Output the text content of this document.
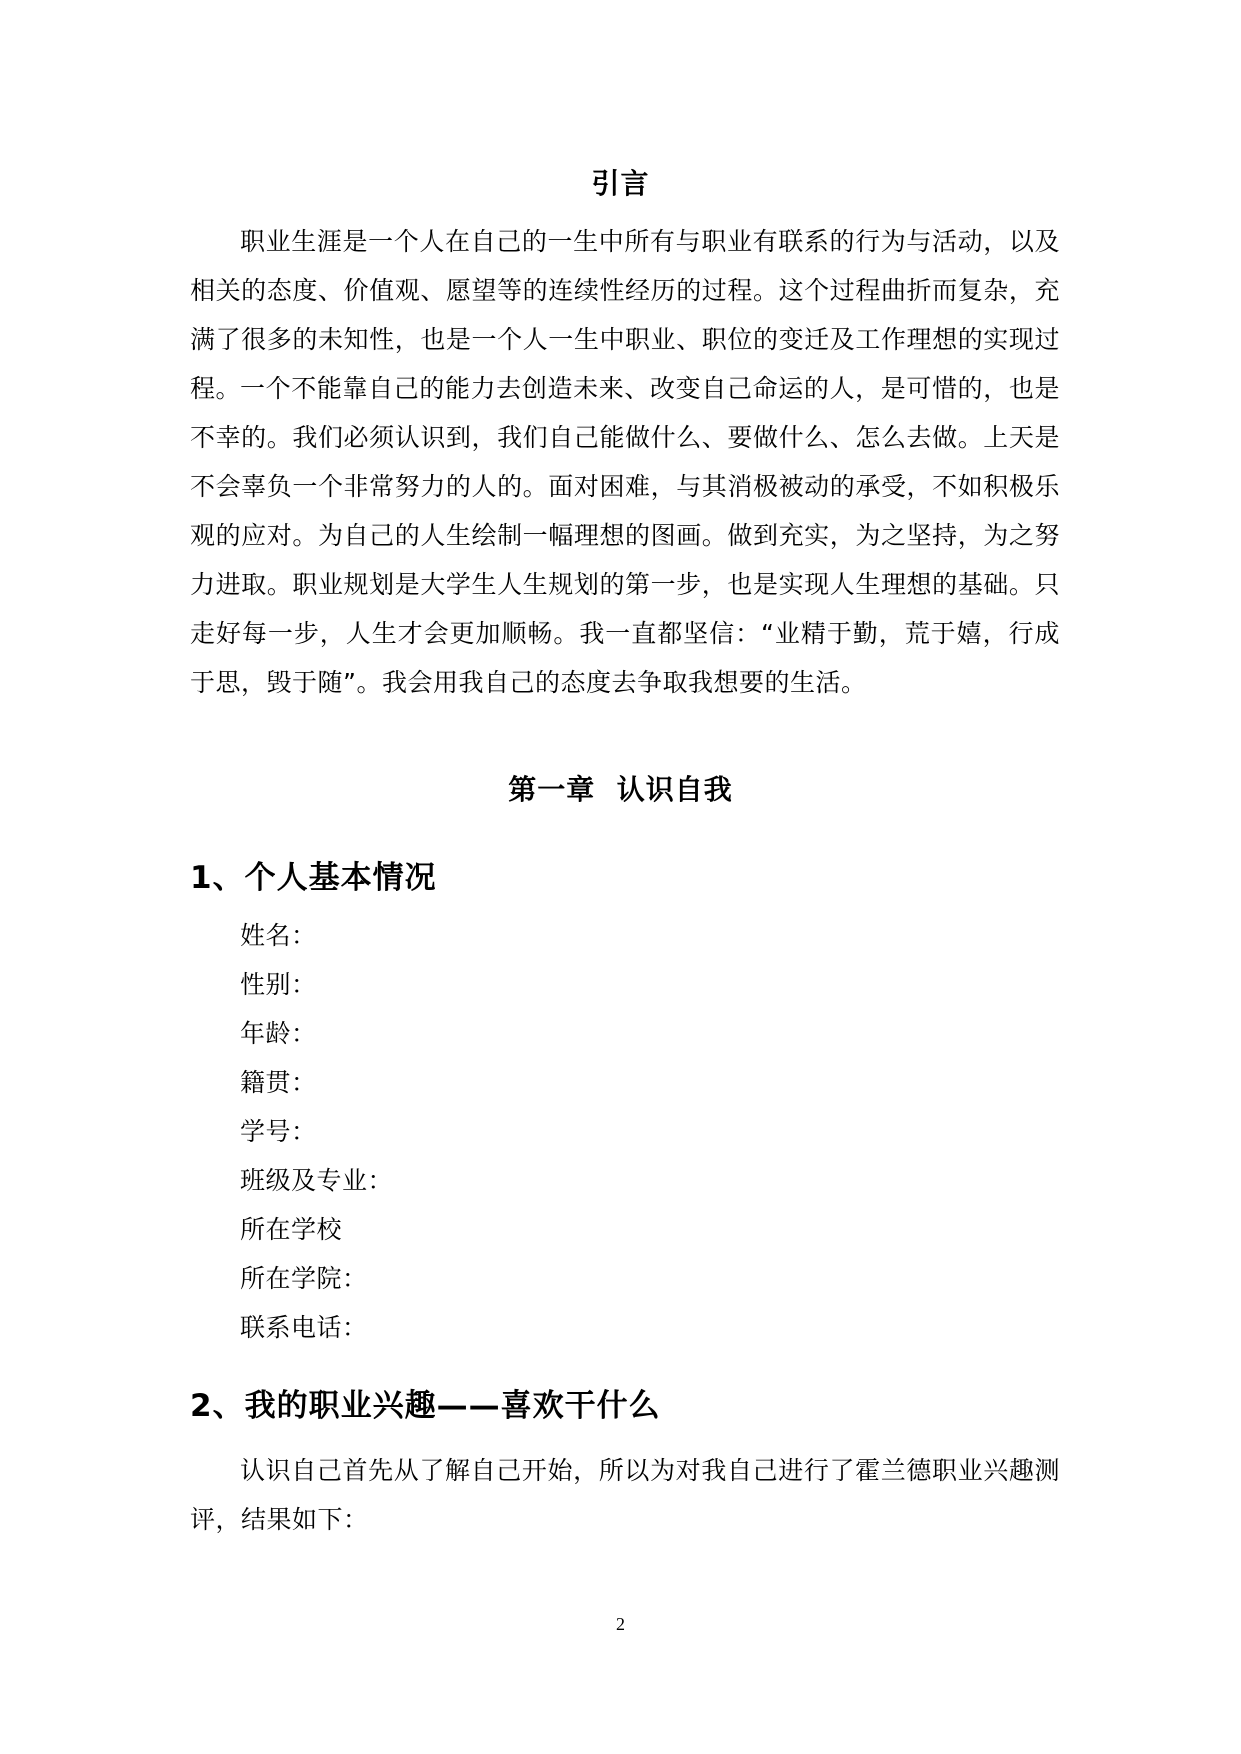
引言

职业生涯是一个人在自己的一生中所有与职业有联系的行为与活动，以及相关的态度、价值观、愿望等的连续性经历的过程。这个过程曲折而复杂，充满了很多的未知性，也是一个人一生中职业、职位的变迁及工作理想的实现过程。

一个不能靠自己的能力去创造未来、改变自己命运的人，是可惜的，也是不幸的。我们必须认识到，我们自己能做什么、要做什么、怎么去做。上天是不会辜负一个非常努力的人的。面对困难，与其消极被动的承受，不如积极乐观的应对。为自己的人生绘制一幅理想的图画。做到充实，为之坚持，为之努力进取。职业规划是大学生人生规划的第一步，也是实现人生理想的基础。只走好每一步，人生才会更加顺畅。我一直都坚信：“业精于勤，荒于嬉，行成于思，毁于随”。我会用我自己的态度去争取我想要的生活。

第一章  认识自我
1、个人基本情况
姓名：
性别：
年龄：
籍贯：
学号：
班级及专业：
所在学校
所在学院：
联系电话：
2、我的职业兴趣——喜欢干什么

认识自己首先从了解自己开始，所以为对我自己进行了霍兰德职业兴趣测评，结果如下：

2
